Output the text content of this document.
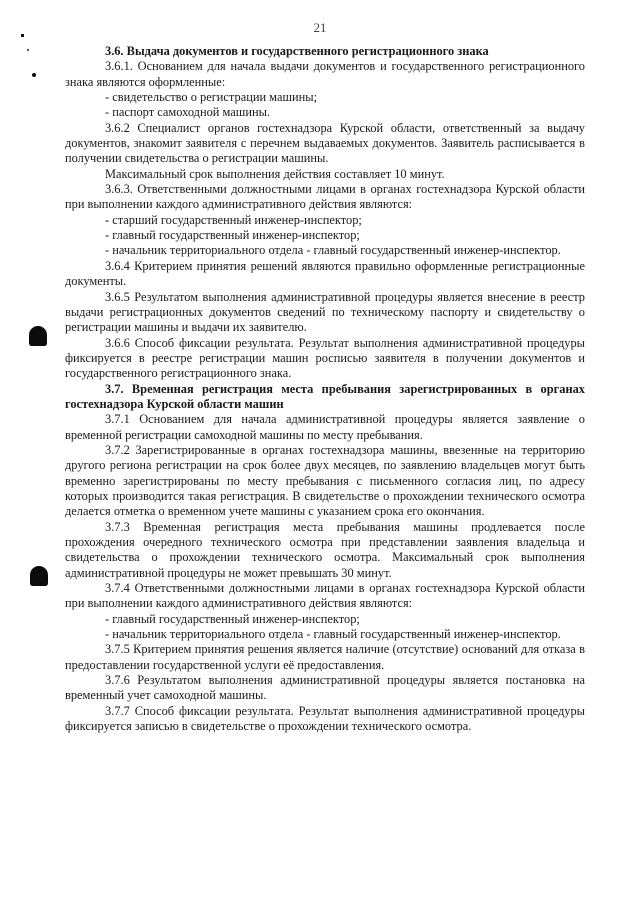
21

3.6. Выдача документов и государственного регистрационного знака

3.6.1. Основанием для начала выдачи документов и государственного регистрационного знака являются оформленные:

- свидетельство о регистрации машины;

- паспорт самоходной машины.

3.6.2 Специалист органов гостехнадзора Курской области, ответственный за выдачу документов, знакомит заявителя с перечнем выдаваемых документов. Заявитель расписывается в получении свидетельства о регистрации машины.

Максимальный срок выполнения действия составляет 10 минут.

3.6.3. Ответственными должностными лицами в органах гостехнадзора Курской области при выполнении каждого административного действия являются:

- старший государственный инженер-инспектор;

- главный государственный инженер-инспектор;

- начальник территориального отдела - главный государственный инженер-инспектор.

3.6.4 Критерием принятия решений являются правильно оформленные регистрационные документы.

3.6.5 Результатом выполнения административной процедуры является внесение в реестр выдачи регистрационных документов сведений по техническому паспорту и свидетельству о регистрации машины и выдачи их заявителю.

3.6.6 Способ фиксации результата. Результат выполнения административной процедуры фиксируется в реестре регистрации машин росписью заявителя в получении документов и государственного регистрационного знака.

3.7. Временная регистрация места пребывания зарегистрированных в органах гостехнадзора Курской области машин

3.7.1 Основанием для начала административной процедуры является заявление о временной регистрации самоходной машины по месту пребывания.

3.7.2 Зарегистрированные в органах гостехнадзора машины, ввезенные на территорию другого региона регистрации на срок более двух месяцев, по заявлению владельцев могут быть временно зарегистрированы по месту пребывания с письменного согласия лиц, по адресу которых производится такая регистрация. В свидетельстве о прохождении технического осмотра делается отметка о временном учете машины с указанием срока его окончания.

3.7.3 Временная регистрация места пребывания машины продлевается после прохождения очередного технического осмотра при представлении заявления владельца и свидетельства о прохождении технического осмотра. Максимальный срок выполнения административной процедуры не может превышать 30 минут.

3.7.4 Ответственными должностными лицами в органах гостехнадзора Курской области при выполнении каждого административного действия являются:

- главный государственный инженер-инспектор;

- начальник территориального отдела - главный государственный инженер-инспектор.

3.7.5 Критерием принятия решения является наличие (отсутствие) оснований для отказа в предоставлении государственной услуги её предоставления.

3.7.6 Результатом выполнения административной процедуры является постановка на временный учет самоходной машины.

3.7.7 Способ фиксации результата. Результат выполнения административной процедуры фиксируется записью в свидетельстве о прохождении технического осмотра.
